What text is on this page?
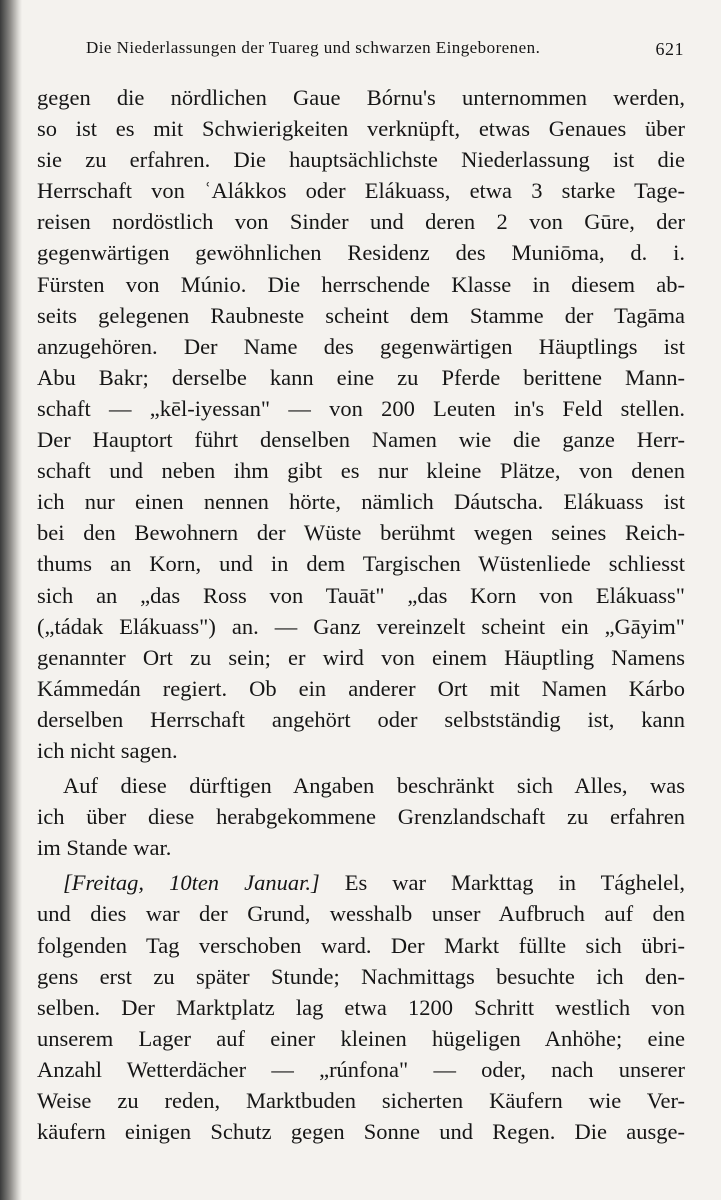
Die Niederlassungen der Tuareg und schwarzen Eingeborenen.	621
gegen die nördlichen Gaue Bórnu's unternommen werden,
so ist es mit Schwierigkeiten verknüpft, etwas Genaues über
sie zu erfahren. Die hauptsächlichste Niederlassung ist die
Herrschaft von ʿAlákkos oder Elákuass, etwa 3 starke Tage-
reisen nordöstlich von Sinder und deren 2 von Gūre, der
gegenwärtigen gewöhnlichen Residenz des Muniōma, d. i.
Fürsten von Múnio. Die herrschende Klasse in diesem ab-
seits gelegenen Raubneste scheint dem Stamme der Tagāma
anzugehören. Der Name des gegenwärtigen Häuptlings ist
Abu Bakr; derselbe kann eine zu Pferde berittene Mann-
schaft — „kēl-iyessan" — von 200 Leuten in's Feld stellen.
Der Hauptort führt denselben Namen wie die ganze Herr-
schaft und neben ihm gibt es nur kleine Plätze, von denen
ich nur einen nennen hörte, nämlich Dáutscha. Elákuass ist
bei den Bewohnern der Wüste berühmt wegen seines Reich-
thums an Korn, und in dem Targischen Wüstenliede schliesst
sich an „das Ross von Tauāt" „das Korn von Elákuass"
(„tádak Elákuass") an. — Ganz vereinzelt scheint ein „Gāyim"
genannter Ort zu sein; er wird von einem Häuptling Namens
Kámmedán regiert. Ob ein anderer Ort mit Namen Kárbo
derselben Herrschaft angehört oder selbstständig ist, kann
ich nicht sagen.
Auf diese dürftigen Angaben beschränkt sich Alles, was
ich über diese herabgekommene Grenzlandschaft zu erfahren
im Stande war.
[Freitag, 10ten Januar.] Es war Markttag in Tághelel,
und dies war der Grund, wesshalb unser Aufbruch auf den
folgenden Tag verschoben ward. Der Markt füllte sich übri-
gens erst zu später Stunde; Nachmittags besuchte ich den-
selben. Der Marktplatz lag etwa 1200 Schritt westlich von
unserem Lager auf einer kleinen hügeligen Anhöhe; eine
Anzahl Wetterdächer — „rúnfona" — oder, nach unserer
Weise zu reden, Marktbuden sicherten Käufern wie Ver-
käufern einigen Schutz gegen Sonne und Regen. Die ausge-
